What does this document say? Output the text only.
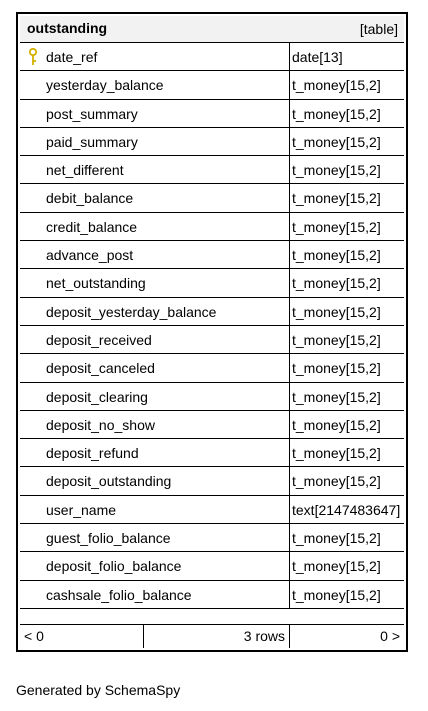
outstanding	[table]
date_ref	date[13]
yesterday_balance	t_money[15,2]
post_summary	t_money[15,2]
paid_summary	t_money[15,2]
net_different	t_money[15,2]
debit_balance	t_money[15,2]
credit_balance	t_money[15,2]
advance_post	t_money[15,2]
net_outstanding	t_money[15,2]
deposit_yesterday_balance	t_money[15,2]
deposit_received	t_money[15,2]
deposit_canceled	t_money[15,2]
deposit_clearing	t_money[15,2]
deposit_no_show	t_money[15,2]
deposit_refund	t_money[15,2]
deposit_outstanding	t_money[15,2]
user_name	text[2147483647]
guest_folio_balance	t_money[15,2]
deposit_folio_balance	t_money[15,2]
cashsale_folio_balance	t_money[15,2]
< 0	3 rows	0 >
Generated by SchemaSpy
